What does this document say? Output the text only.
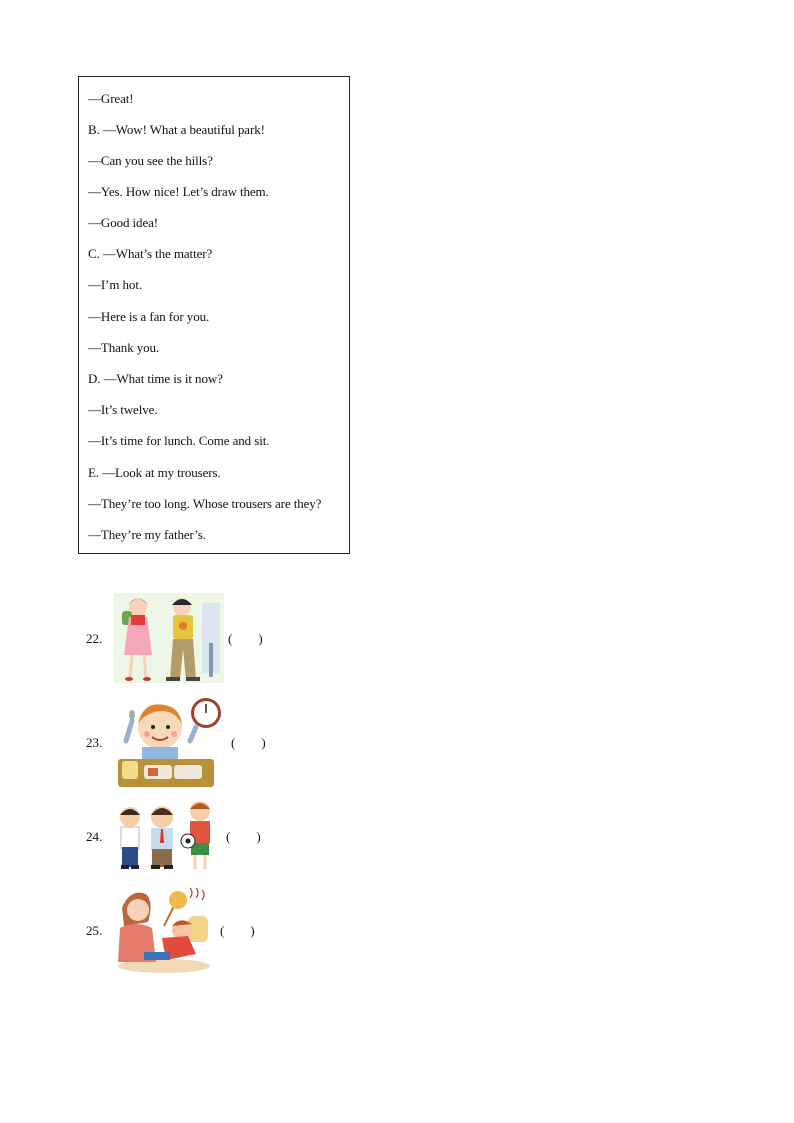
—Great!
B. —Wow! What a beautiful park!
—Can you see the hills?
—Yes. How nice! Let’s draw them.
—Good idea!
C. —What’s the matter?
—I’m hot.
—Here is a fan for you.
—Thank you.
D. —What time is it now?
—It’s twelve.
—It’s time for lunch. Come and sit.
E. —Look at my trousers.
—They’re too long. Whose trousers are they?
—They’re my father’s.
22.	(        )
23.	(        )
24.	(        )
25.	(        )
